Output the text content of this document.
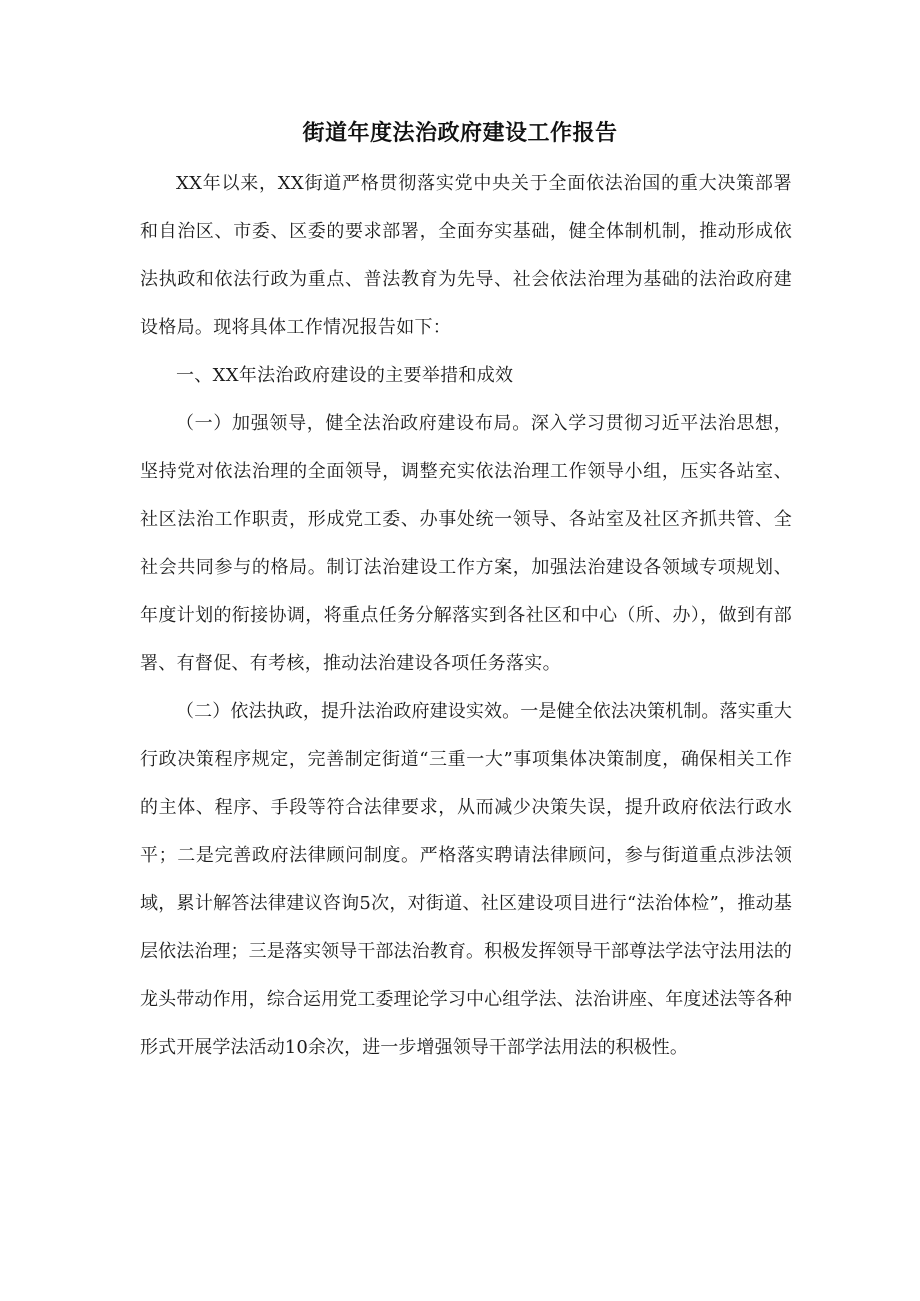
街道年度法治政府建设工作报告

XX年以来，XX街道严格贯彻落实党中央关于全面依法治国的重大决策部署和自治区、市委、区委的要求部署，全面夯实基础，健全体制机制，推动形成依法执政和依法行政为重点、普法教育为先导、社会依法治理为基础的法治政府建设格局。现将具体工作情况报告如下：

一、XX年法治政府建设的主要举措和成效

（一）加强领导，健全法治政府建设布局。深入学习贯彻习近平法治思想，坚持党对依法治理的全面领导，调整充实依法治理工作领导小组，压实各站室、社区法治工作职责，形成党工委、办事处统一领导、各站室及社区齐抓共管、全社会共同参与的格局。制订法治建设工作方案，加强法治建设各领域专项规划、年度计划的衔接协调，将重点任务分解落实到各社区和中心（所、办），做到有部署、有督促、有考核，推动法治建设各项任务落实。

（二）依法执政，提升法治政府建设实效。一是健全依法决策机制。落实重大行政决策程序规定，完善制定街道“三重一大”事项集体决策制度，确保相关工作的主体、程序、手段等符合法律要求，从而减少决策失误，提升政府依法行政水平；二是完善政府法律顾问制度。严格落实聘请法律顾问，参与街道重点涉法领域，累计解答法律建议咨询5次，对街道、社区建设项目进行“法治体检”，推动基层依法治理；三是落实领导干部法治教育。积极发挥领导干部尊法学法守法用法的龙头带动作用，综合运用党工委理论学习中心组学法、法治讲座、年度述法等各种形式开展学法活动10余次，进一步增强领导干部学法用法的积极性。
